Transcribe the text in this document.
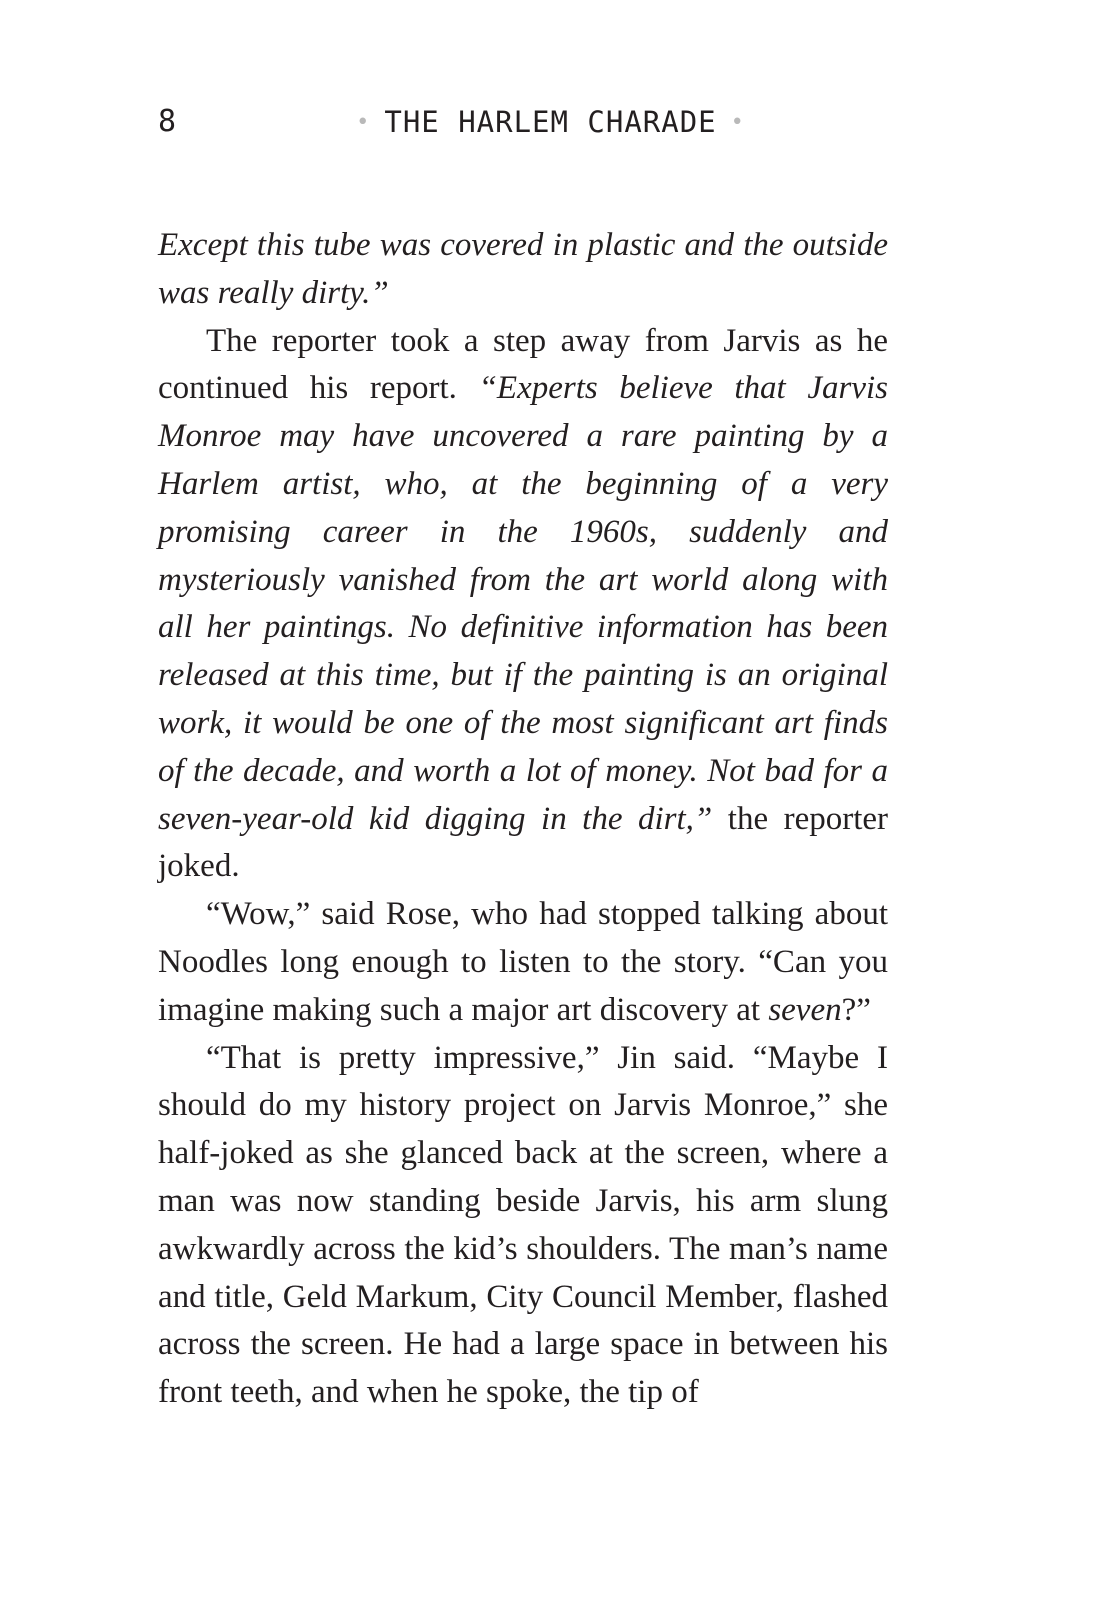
8	• THE HARLEM CHARADE •

Except this tube was covered in plastic and the outside was really dirty.”

The reporter took a step away from Jarvis as he continued his report. “Experts believe that Jarvis Monroe may have uncovered a rare painting by a Harlem artist, who, at the beginning of a very promising career in the 1960s, suddenly and mysteriously vanished from the art world along with all her paintings. No definitive information has been released at this time, but if the painting is an original work, it would be one of the most significant art finds of the decade, and worth a lot of money. Not bad for a seven-year-old kid digging in the dirt,” the reporter joked.

“Wow,” said Rose, who had stopped talking about Noodles long enough to listen to the story. “Can you imagine making such a major art discovery at seven?”

“That is pretty impressive,” Jin said. “Maybe I should do my history project on Jarvis Monroe,” she half-joked as she glanced back at the screen, where a man was now standing beside Jarvis, his arm slung awkwardly across the kid’s shoulders. The man’s name and title, Geld Markum, City Council Member, flashed across the screen. He had a large space in between his front teeth, and when he spoke, the tip of
